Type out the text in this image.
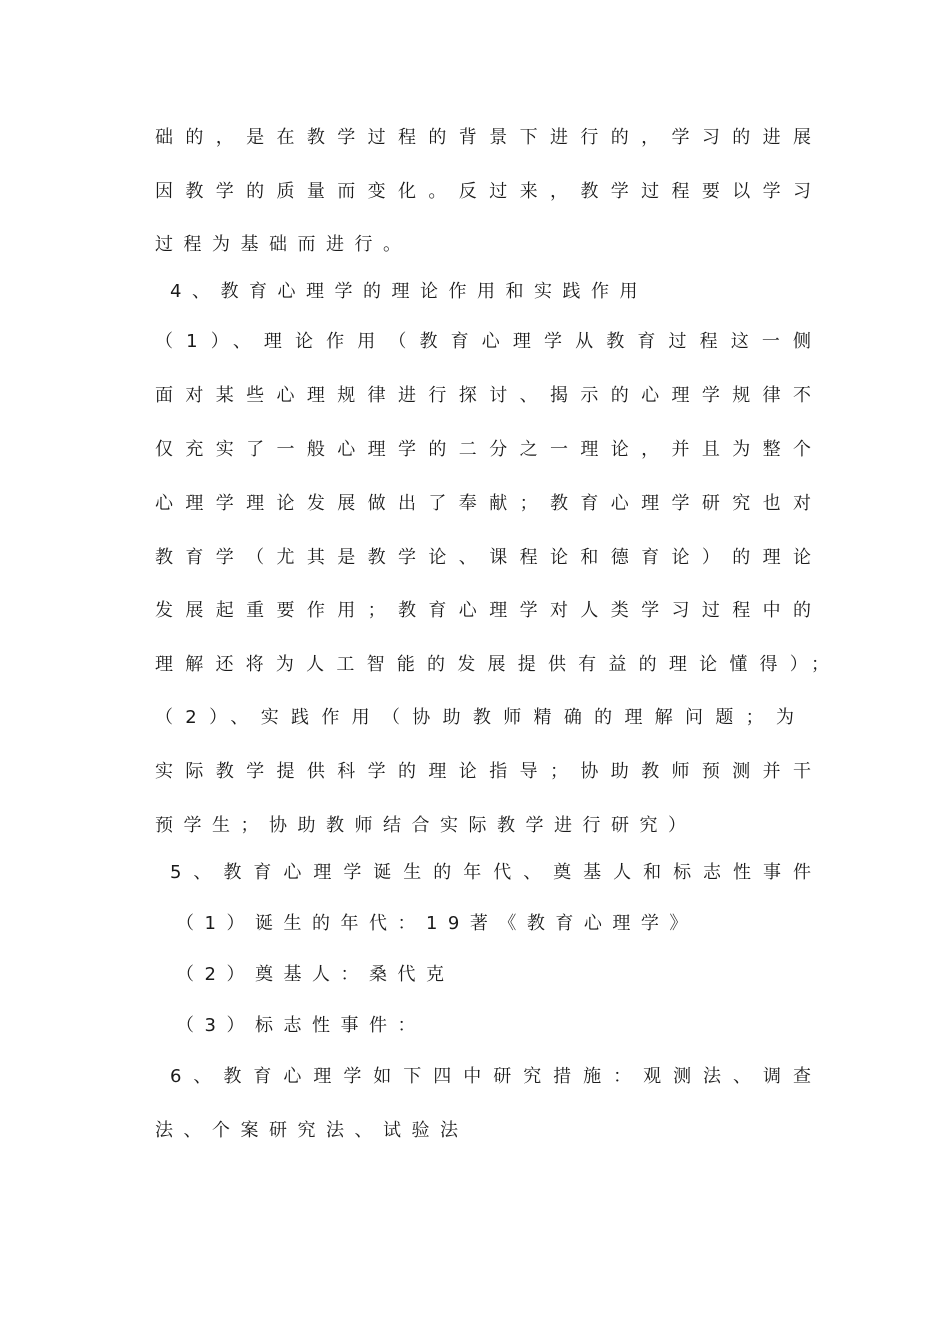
础的，是在教学过程的背景下进行的，学习的进展
因教学的质量而变化。反过来，教学过程要以学习
过程为基础而进行。
4、教育心理学的理论作用和实践作用
（1）、理论作用（教育心理学从教育过程这一侧
面对某些心理规律进行探讨、揭示的心理学规律不
仅充实了一般心理学的二分之一理论，并且为整个
心理学理论发展做出了奉献；教育心理学研究也对
教育学（尤其是教学论、课程论和德育论）的理论
发展起重要作用；教育心理学对人类学习过程中的
理解还将为人工智能的发展提供有益的理论懂得）；
（2）、实践作用（协助教师精确的理解问题；为
实际教学提供科学的理论指导；协助教师预测并干
预学生；协助教师结合实际教学进行研究）
5、教育心理学诞生的年代、奠基人和标志性事件
（1）诞生的年代：19著《教育心理学》
（2）奠基人：桑代克
（3）标志性事件：
6、教育心理学如下四中研究措施：观测法、调查
法、个案研究法、试验法
